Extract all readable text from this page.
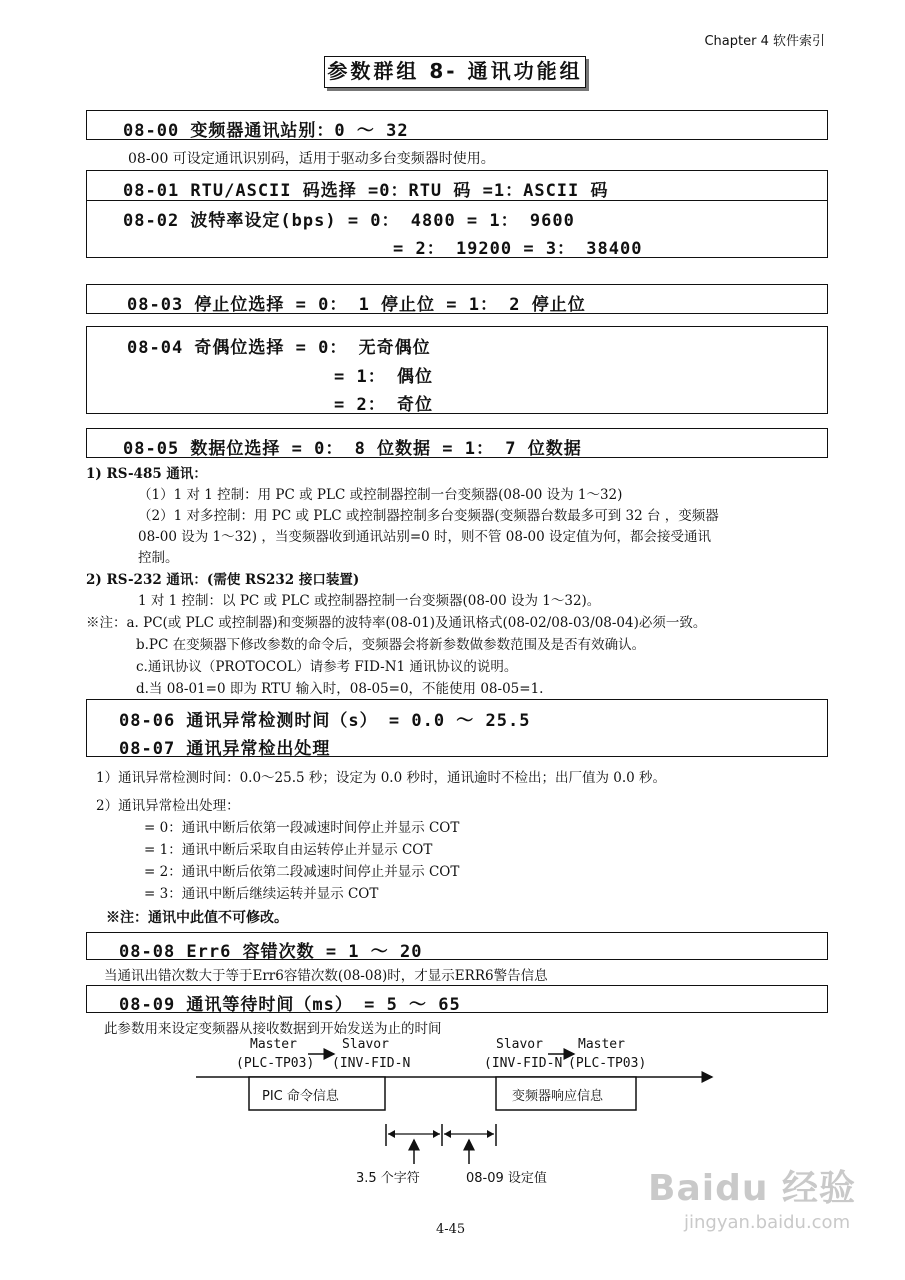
Chapter 4 软件索引
参数群组 8- 通讯功能组
08-00 变频器通讯站别：0 ～ 32
08-00 可设定通讯识别码，适用于驱动多台变频器时使用。
08-01 RTU/ASCII 码选择 =0：RTU 码 =1：ASCII 码
08-02 波特率设定(bps) = 0： 4800 = 1： 9600
= 2： 19200 = 3： 38400
08-03 停止位选择 = 0： 1 停止位 = 1： 2 停止位
08-04 奇偶位选择 = 0： 无奇偶位
= 1： 偶位
= 2： 奇位
08-05 数据位选择 = 0： 8 位数据 = 1： 7 位数据
1) RS-485 通讯：
（1）1 对 1 控制：用 PC 或 PLC 或控制器控制一台变频器(08-00 设为 1～32)
（2）1 对多控制：用 PC 或 PLC 或控制器控制多台变频器(变频器台数最多可到 32 台 ，变频器
08-00 设为 1～32) ，当变频器收到通讯站别=0 时，则不管 08-00 设定值为何，都会接受通讯
控制。
2) RS-232 通讯：(需使 RS232 接口装置)
1 对 1 控制：以 PC 或 PLC 或控制器控制一台变频器(08-00 设为 1～32)。
※注：a. PC(或 PLC 或控制器)和变频器的波特率(08-01)及通讯格式(08-02/08-03/08-04)必须一致。
b.PC 在变频器下修改参数的命令后，变频器会将新参数做参数范围及是否有效确认。
c.通讯协议（PROTOCOL）请参考 FID-N1 通讯协议的说明。
d.当 08-01=0 即为 RTU 输入时，08-05=0，不能使用 08-05=1.
08-06 通讯异常检测时间（s） = 0.0 ～ 25.5
08-07 通讯异常检出处理
1）通讯异常检测时间：0.0～25.5 秒；设定为 0.0 秒时，通讯逾时不检出；出厂值为 0.0 秒。
2）通讯异常检出处理：
= 0：通讯中断后依第一段减速时间停止并显示 COT
= 1：通讯中断后采取自由运转停止并显示 COT
= 2：通讯中断后依第二段减速时间停止并显示 COT
= 3：通讯中断后继续运转并显示 COT
※注：通讯中此值不可修改。
08-08 Err6 容错次数 = 1 ～ 20
当通讯出错次数大于等于Err6容错次数(08-08)时，才显示ERR6警告信息
08-09 通讯等待时间（ms） = 5 ～ 65
此参数用来设定变频器从接收数据到开始发送为止的时间
Master	Slavor
(PLC-TP03) (INV-FID-N
Slavor	Master
(INV-FID-N (PLC-TP03)
PIC 命令信息	变频器响应信息
3.5 个字符	08-09 设定值	Baidu 经验
jingyan.baidu.com
4-45
